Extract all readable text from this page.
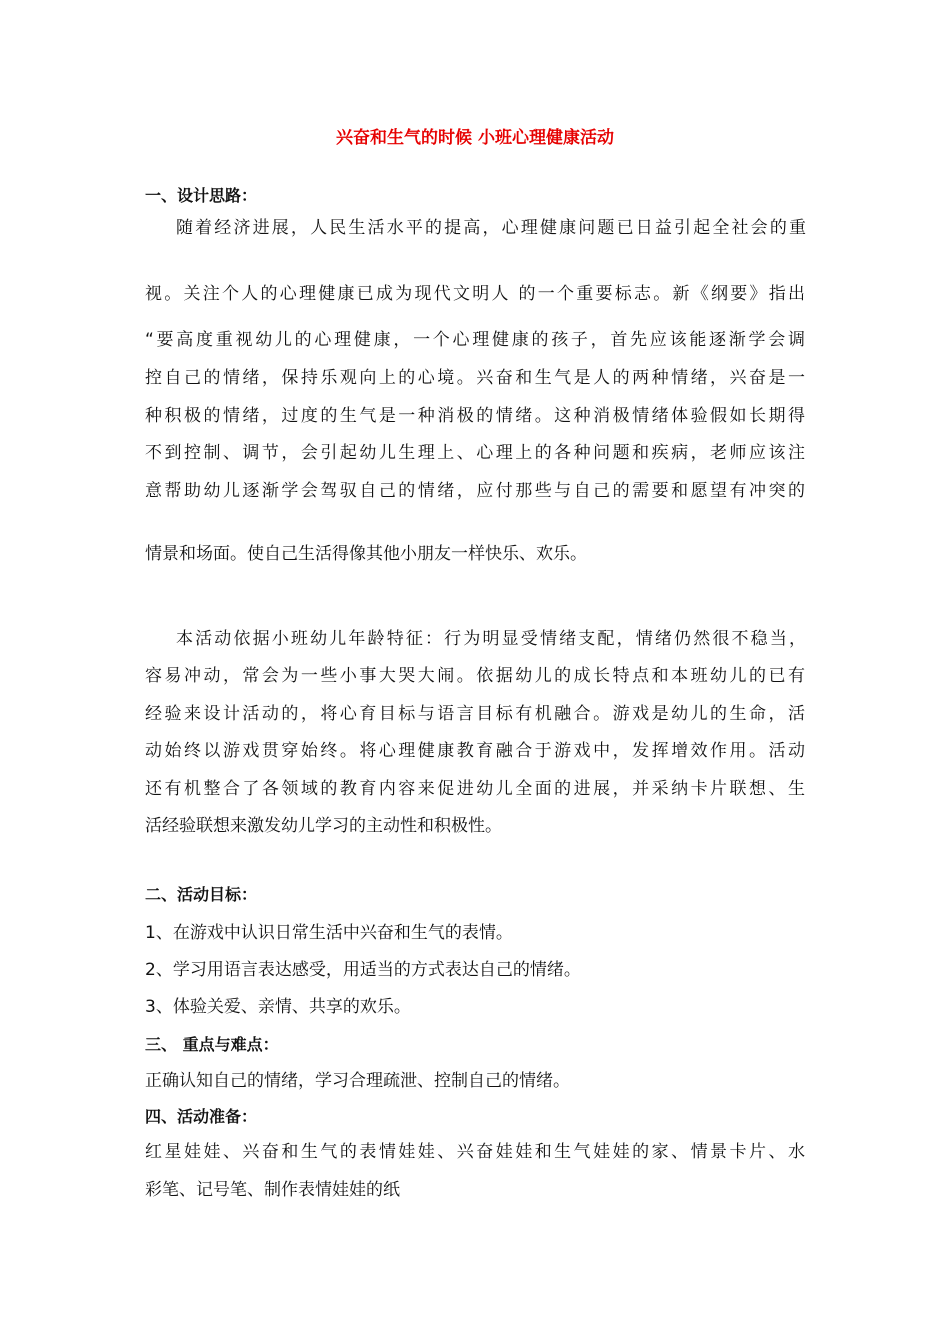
兴奋和生气的时候 小班心理健康活动

一、设计思路：

随着经济进展，人民生活水平的提高，心理健康问题已日益引起全社会的重

视。关注个人的心理健康已成为现代文明人 的一个重要标志。新《纲要》指出

“要高度重视幼儿的心理健康，一个心理健康的孩子，首先应该能逐渐学会调

控自己的情绪，保持乐观向上的心境。兴奋和生气是人的两种情绪，兴奋是一

种积极的情绪，过度的生气是一种消极的情绪。这种消极情绪体验假如长期得

不到控制、调节，会引起幼儿生理上、心理上的各种问题和疾病，老师应该注

意帮助幼儿逐渐学会驾驭自己的情绪，应付那些与自己的需要和愿望有冲突的

情景和场面。使自己生活得像其他小朋友一样快乐、欢乐。

本活动依据小班幼儿年龄特征：行为明显受情绪支配，情绪仍然很不稳当，

容易冲动，常会为一些小事大哭大闹。依据幼儿的成长特点和本班幼儿的已有

经验来设计活动的，将心育目标与语言目标有机融合。游戏是幼儿的生命，活

动始终以游戏贯穿始终。将心理健康教育融合于游戏中，发挥增效作用。活动

还有机整合了各领域的教育内容来促进幼儿全面的进展，并采纳卡片联想、生

活经验联想来激发幼儿学习的主动性和积极性。

二、活动目标：

1、在游戏中认识日常生活中兴奋和生气的表情。

2、学习用语言表达感受，用适当的方式表达自己的情绪。

3、体验关爱、亲情、共享的欢乐。

三、 重点与难点：

正确认知自己的情绪，学习合理疏泄、控制自己的情绪。

四、活动准备：

红星娃娃、兴奋和生气的表情娃娃、兴奋娃娃和生气娃娃的家、情景卡片、水

彩笔、记号笔、制作表情娃娃的纸
